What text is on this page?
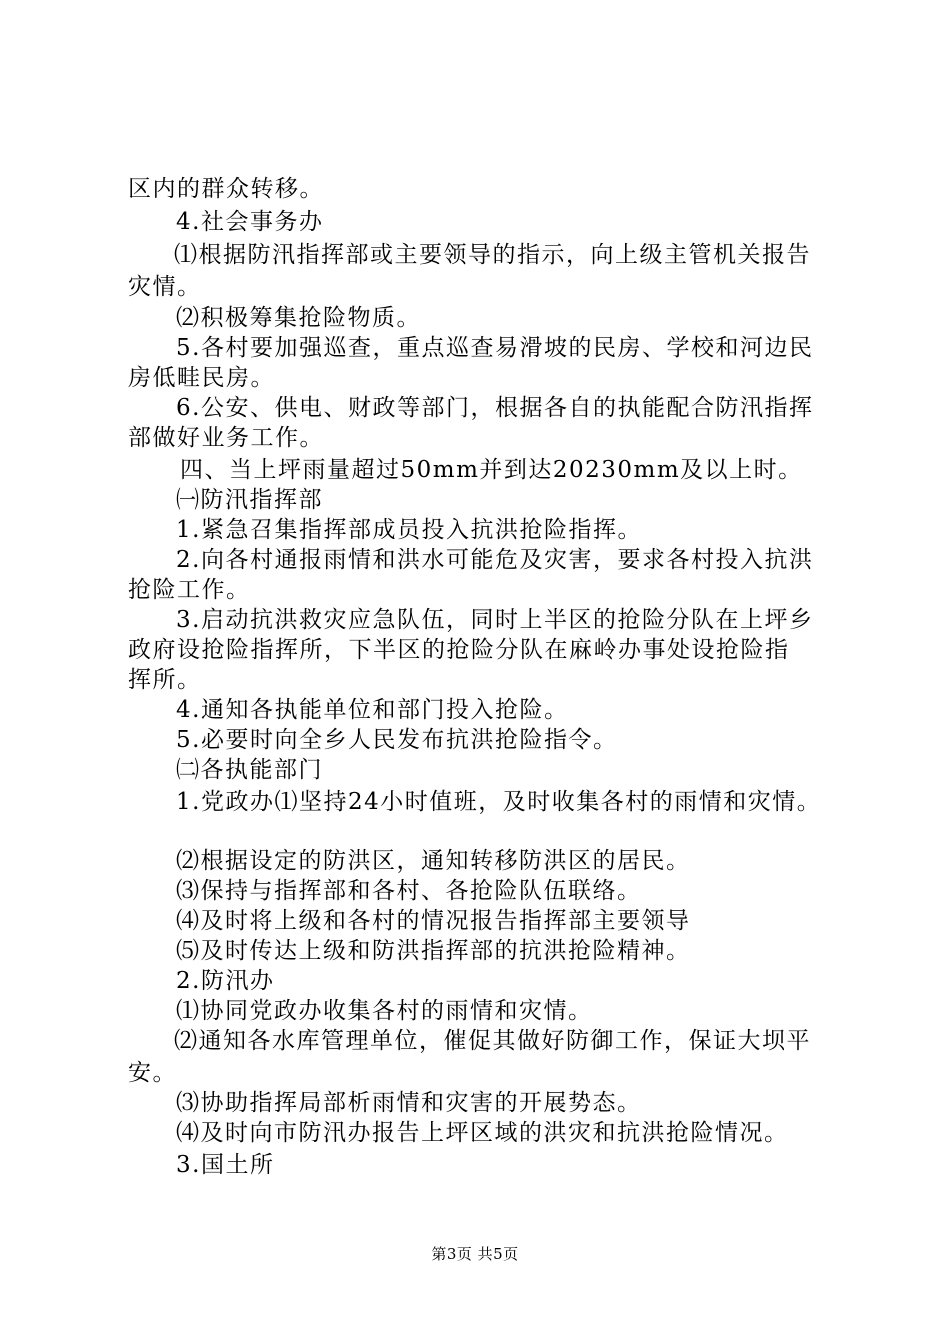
区内的群众转移。
4.社会事务办
⑴根据防汛指挥部或主要领导的指示，向上级主管机关报告
灾情。
⑵积极筹集抢险物质。
5.各村要加强巡查，重点巡查易滑坡的民房、学校和河边民
房低畦民房。
6.公安、供电、财政等部门，根据各自的执能配合防汛指挥
部做好业务工作。
四、当上坪雨量超过50mm并到达20230mm及以上时。
㈠防汛指挥部
1.紧急召集指挥部成员投入抗洪抢险指挥。
2.向各村通报雨情和洪水可能危及灾害，要求各村投入抗洪
抢险工作。
3.启动抗洪救灾应急队伍，同时上半区的抢险分队在上坪乡
政府设抢险指挥所，下半区的抢险分队在麻岭办事处设抢险指
挥所。
4.通知各执能单位和部门投入抢险。
5.必要时向全乡人民发布抗洪抢险指令。
㈡各执能部门
1.党政办⑴坚持24小时值班，及时收集各村的雨情和灾情。
⑵根据设定的防洪区，通知转移防洪区的居民。
⑶保持与指挥部和各村、各抢险队伍联络。
⑷及时将上级和各村的情况报告指挥部主要领导
⑸及时传达上级和防洪指挥部的抗洪抢险精神。
2.防汛办
⑴协同党政办收集各村的雨情和灾情。
⑵通知各水库管理单位，催促其做好防御工作，保证大坝平
安。
⑶协助指挥局部析雨情和灾害的开展势态。
⑷及时向市防汛办报告上坪区域的洪灾和抗洪抢险情况。
3.国土所
第3页 共5页
